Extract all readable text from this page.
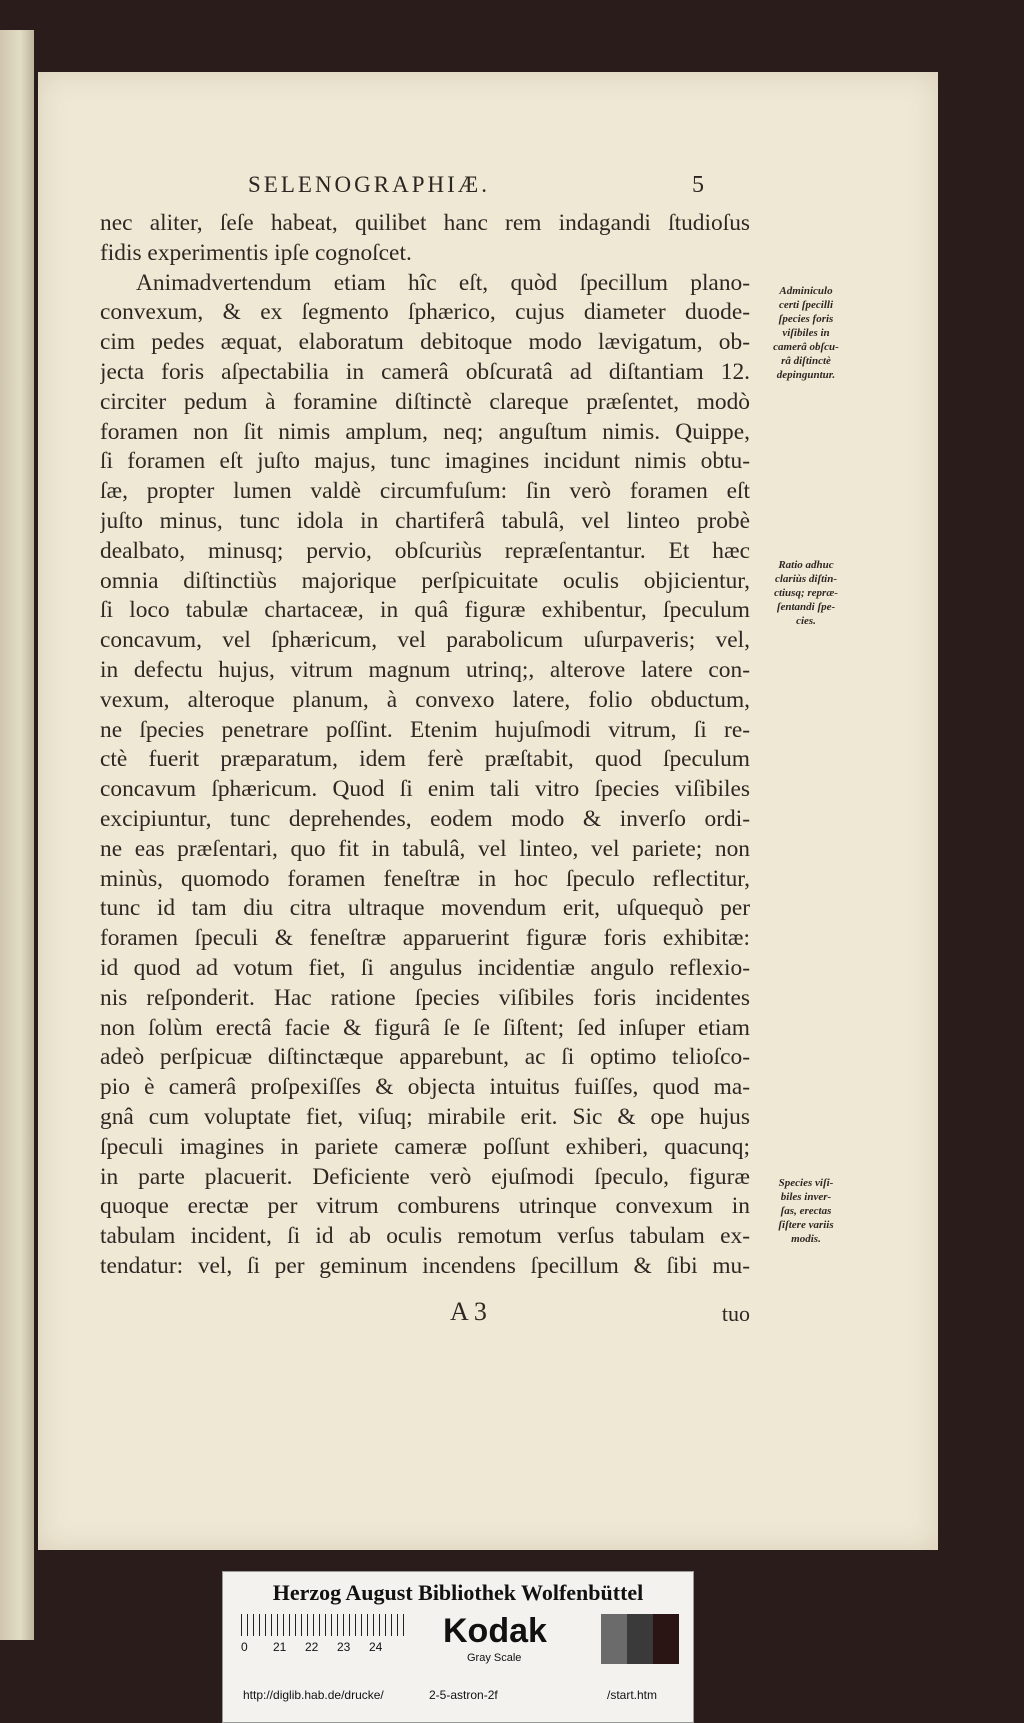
SELENOGRAPHIÆ.	5
nec aliter, ſeſe habeat, quilibet hanc rem indagandi ſtudioſus
fidis experimentis ipſe cognoſcet.
Animadvertendum etiam hîc eſt, quòd ſpecillum plano-
convexum, & ex ſegmento ſphærico, cujus diameter duode-
cim pedes æquat, elaboratum debitoque modo lævigatum, ob-
jecta foris aſpectabilia in camerâ obſcuratâ ad diſtantiam 12.
circiter pedum à foramine diſtinctè clareque præſentet, modò
foramen non ſit nimis amplum, neq; anguſtum nimis. Quippe,
ſi foramen eſt juſto majus, tunc imagines incidunt nimis obtu-
ſæ, propter lumen valdè circumfuſum: ſin verò foramen eſt
juſto minus, tunc idola in chartiferâ tabulâ, vel linteo probè
dealbato, minusq; pervio, obſcuriùs repræſentantur. Et hæc
omnia diſtinctiùs majorique perſpicuitate oculis objicientur,
ſi loco tabulæ chartaceæ, in quâ figuræ exhibentur, ſpeculum
concavum, vel ſphæricum, vel parabolicum uſurpaveris; vel,
in defectu hujus, vitrum magnum utrinq;, alterove latere con-
vexum, alteroque planum, à convexo latere, folio obductum,
ne ſpecies penetrare poſſint. Etenim hujuſmodi vitrum, ſi re-
ctè fuerit præparatum, idem ferè præſtabit, quod ſpeculum
concavum ſphæricum. Quod ſi enim tali vitro ſpecies viſibiles
excipiuntur, tunc deprehendes, eodem modo & inverſo ordi-
ne eas præſentari, quo fit in tabulâ, vel linteo, vel pariete; non
minùs, quomodo foramen feneſtræ in hoc ſpeculo reflectitur,
tunc id tam diu citra ultraque movendum erit, uſquequò per
foramen ſpeculi & feneſtræ apparuerint figuræ foris exhibitæ:
id quod ad votum fiet, ſi angulus incidentiæ angulo reflexio-
nis reſponderit. Hac ratione ſpecies viſibiles foris incidentes
non ſolùm erectâ facie & figurâ ſe ſe ſiſtent; ſed inſuper etiam
adeò perſpicuæ diſtinctæque apparebunt, ac ſi optimo telioſco-
pio è camerâ proſpexiſſes & objecta intuitus fuiſſes, quod ma-
gnâ cum voluptate fiet, viſuq; mirabile erit. Sic & ope hujus
ſpeculi imagines in pariete cameræ poſſunt exhiberi, quacunq;
in parte placuerit. Deficiente verò ejuſmodi ſpeculo, figuræ
quoque erectæ per vitrum comburens utrinque convexum in
tabulam incident, ſi id ab oculis remotum verſus tabulam ex-
tendatur: vel, ſi per geminum incendens ſpecillum & ſibi mu-
A 3	tuo
Adminiculo
certi ſpecilli
ſpecies foris
viſibiles in
camerâ obſcu-
râ diſtinctè
depinguntur.
Ratio adhuc
clariùs diſtin-
ctiusq; repræ-
ſentandi ſpe-
cies.
Species viſi-
biles inver-
ſas, erectas
ſiſtere variis
modis.
Herzog August Bibliothek Wolfenbüttel
0 21 22 23 24	Kodak
Gray Scale
http://diglib.hab.de/drucke/	2-5-astron-2f	/start.htm
